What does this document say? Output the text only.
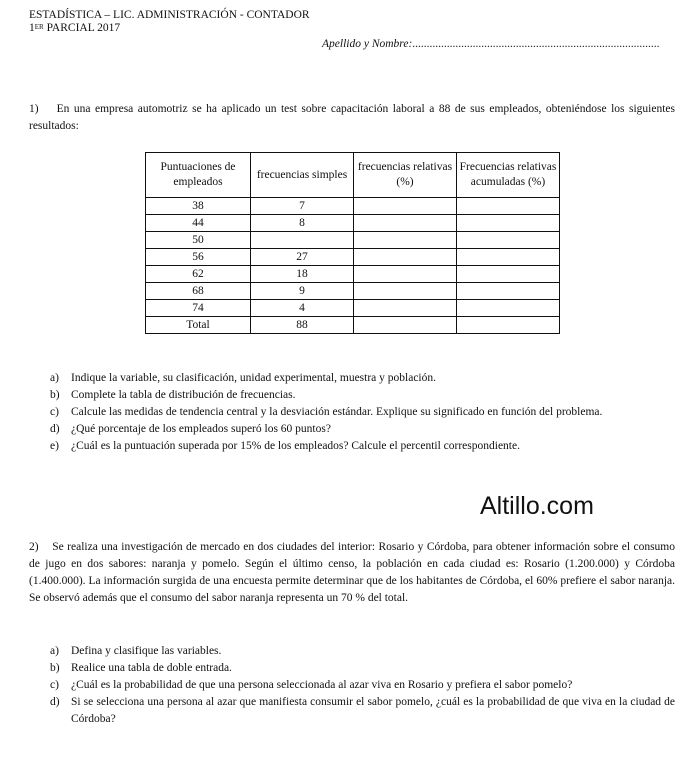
ESTADÍSTICA – LIC. ADMINISTRACIÓN - CONTADOR
1ER PARCIAL 2017
Apellido y Nombre:......................................................................................
1) En una empresa automotriz se ha aplicado un test sobre capacitación laboral a 88 de sus empleados, obteniéndose los siguientes resultados:
Puntuaciones de empleados	frecuencias simples	frecuencias relativas (%)	Frecuencias relativas acumuladas (%)
38	7		
44	8		
50			
56	27		
62	18		
68	9		
74	4		
Total	88		
a) Indique la variable, su clasificación, unidad experimental, muestra y población.
b) Complete la tabla de distribución de frecuencias.
c) Calcule las medidas de tendencia central y la desviación estándar. Explique su significado en función del problema.
d) ¿Qué porcentaje de los empleados superó los 60 puntos?
e) ¿Cuál es la puntuación superada por 15% de los empleados? Calcule el percentil correspondiente.
Altillo.com
2) Se realiza una investigación de mercado en dos ciudades del interior: Rosario y Córdoba, para obtener información sobre el consumo de jugo en dos sabores: naranja y pomelo. Según el último censo, la población en cada ciudad es: Rosario (1.200.000) y Córdoba (1.400.000). La información surgida de una encuesta permite determinar que de los habitantes de Córdoba, el 60% prefiere el sabor naranja. Se observó además que el consumo del sabor naranja representa un 70 % del total.
a) Defina y clasifique las variables.
b) Realice una tabla de doble entrada.
c) ¿Cuál es la probabilidad de que una persona seleccionada al azar viva en Rosario y prefiera el sabor pomelo?
d) Si se selecciona una persona al azar que manifiesta consumir el sabor pomelo, ¿cuál es la probabilidad de que viva en la ciudad de Córdoba?
